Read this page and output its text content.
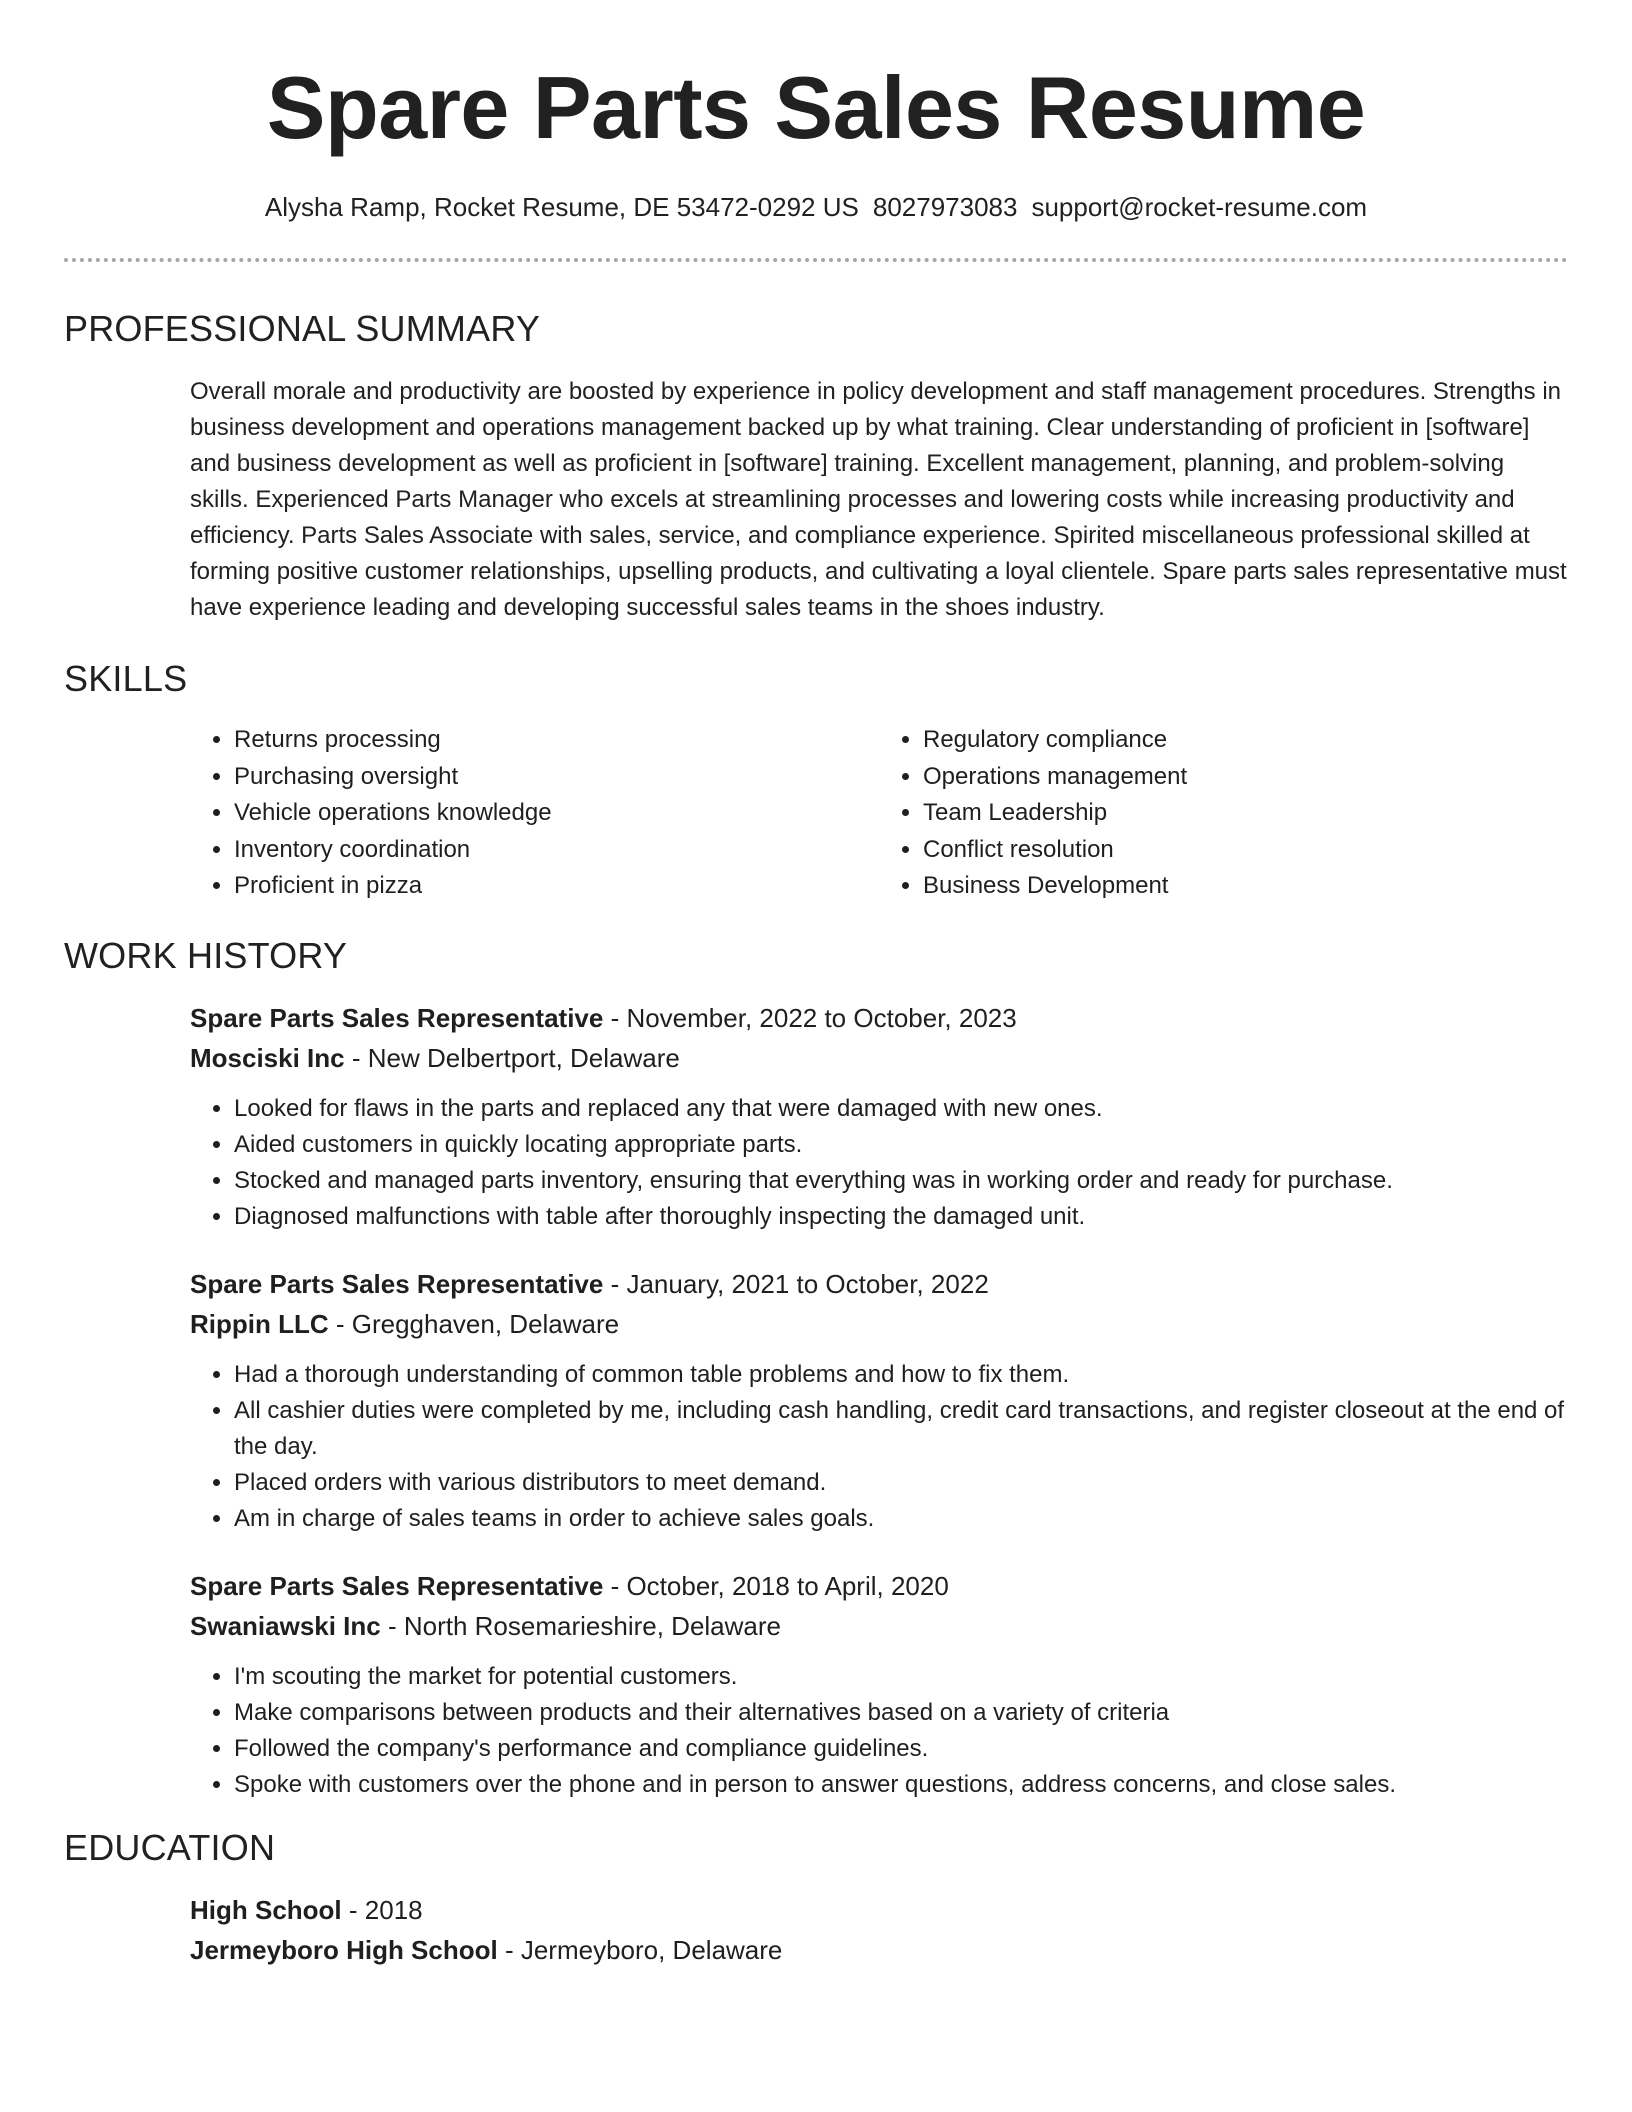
Spare Parts Sales Resume
Alysha Ramp, Rocket Resume, DE 53472-0292 US 8027973083 support@rocket-resume.com
PROFESSIONAL SUMMARY

Overall morale and productivity are boosted by experience in policy development and staff management procedures. Strengths in business development and operations management backed up by what training. Clear understanding of proficient in [software] and business development as well as proficient in [software] training. Excellent management, planning, and problem-solving skills. Experienced Parts Manager who excels at streamlining processes and lowering costs while increasing productivity and efficiency. Parts Sales Associate with sales, service, and compliance experience. Spirited miscellaneous professional skilled at forming positive customer relationships, upselling products, and cultivating a loyal clientele. Spare parts sales representative must have experience leading and developing successful sales teams in the shoes industry.

SKILLS
• Returns processing
• Purchasing oversight
• Vehicle operations knowledge
• Inventory coordination
• Proficient in pizza
• Regulatory compliance
• Operations management
• Team Leadership
• Conflict resolution
• Business Development
WORK HISTORY
Spare Parts Sales Representative - November, 2022 to October, 2023
Mosciski Inc - New Delbertport, Delaware
• Looked for flaws in the parts and replaced any that were damaged with new ones.
• Aided customers in quickly locating appropriate parts.
• Stocked and managed parts inventory, ensuring that everything was in working order and ready for purchase.
• Diagnosed malfunctions with table after thoroughly inspecting the damaged unit.
Spare Parts Sales Representative - January, 2021 to October, 2022
Rippin LLC - Gregghaven, Delaware
• Had a thorough understanding of common table problems and how to fix them.
• All cashier duties were completed by me, including cash handling, credit card transactions, and register closeout at the end of the day.
• Placed orders with various distributors to meet demand.
• Am in charge of sales teams in order to achieve sales goals.
Spare Parts Sales Representative - October, 2018 to April, 2020
Swaniawski Inc - North Rosemarieshire, Delaware
• I'm scouting the market for potential customers.
• Make comparisons between products and their alternatives based on a variety of criteria
• Followed the company's performance and compliance guidelines.
• Spoke with customers over the phone and in person to answer questions, address concerns, and close sales.
EDUCATION
High School - 2018
Jermeyboro High School - Jermeyboro, Delaware
